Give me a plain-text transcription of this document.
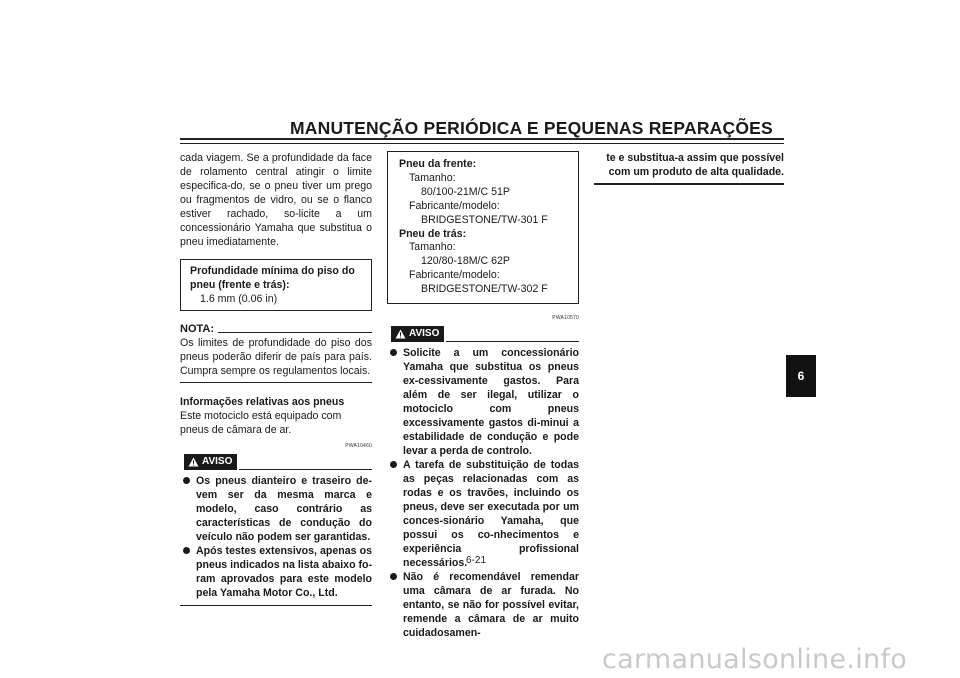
MANUTENÇÃO PERIÓDICA E PEQUENAS REPARAÇÕES
6

cada viagem. Se a profundidade da face de rolamento central atingir o limite especifica-do, se o pneu tiver um prego ou fragmentos de vidro, ou se o flanco estiver rachado, so-licite a um concessionário Yamaha que substitua o pneu imediatamente.

Profundidade mínima do piso do pneu (frente e trás):

1.6 mm (0.06 in)

NOTA:

Os limites de profundidade do piso dos pneus poderão diferir de país para país. Cumpra sempre os regulamentos locais.

Informações relativas aos pneus

Este motociclo está equipado com pneus de câmara de ar.

PWA10460
AVISO
Os pneus dianteiro e traseiro de-vem ser da mesma marca e modelo, caso contrário as características de condução do veículo não podem ser garantidas.
Após testes extensivos, apenas os pneus indicados na lista abaixo fo-ram aprovados para este modelo pela Yamaha Motor Co., Ltd.

Pneu da frente:

Tamanho:

80/100-21M/C 51P

Fabricante/modelo:

BRIDGESTONE/TW-301 F

Pneu de trás:

Tamanho:

120/80-18M/C 62P

Fabricante/modelo:

BRIDGESTONE/TW-302 F

PWA10570
AVISO
Solicite a um concessionário Yamaha que substitua os pneus ex-cessivamente gastos. Para além de ser ilegal, utilizar o motociclo com pneus excessivamente gastos di-minui a estabilidade de condução e pode levar a perda de controlo.
A tarefa de substituição de todas as peças relacionadas com as rodas e os travões, incluindo os pneus, deve ser executada por um conces-sionário Yamaha, que possui os co-nhecimentos e experiência profissional necessários.
Não é recomendável remendar uma câmara de ar furada. No entanto, se não for possível evitar, remende a câmara de ar muito cuidadosamen-

te e substitua-a assim que possível com um produto de alta qualidade.

6-21
carmanualsonline.info
